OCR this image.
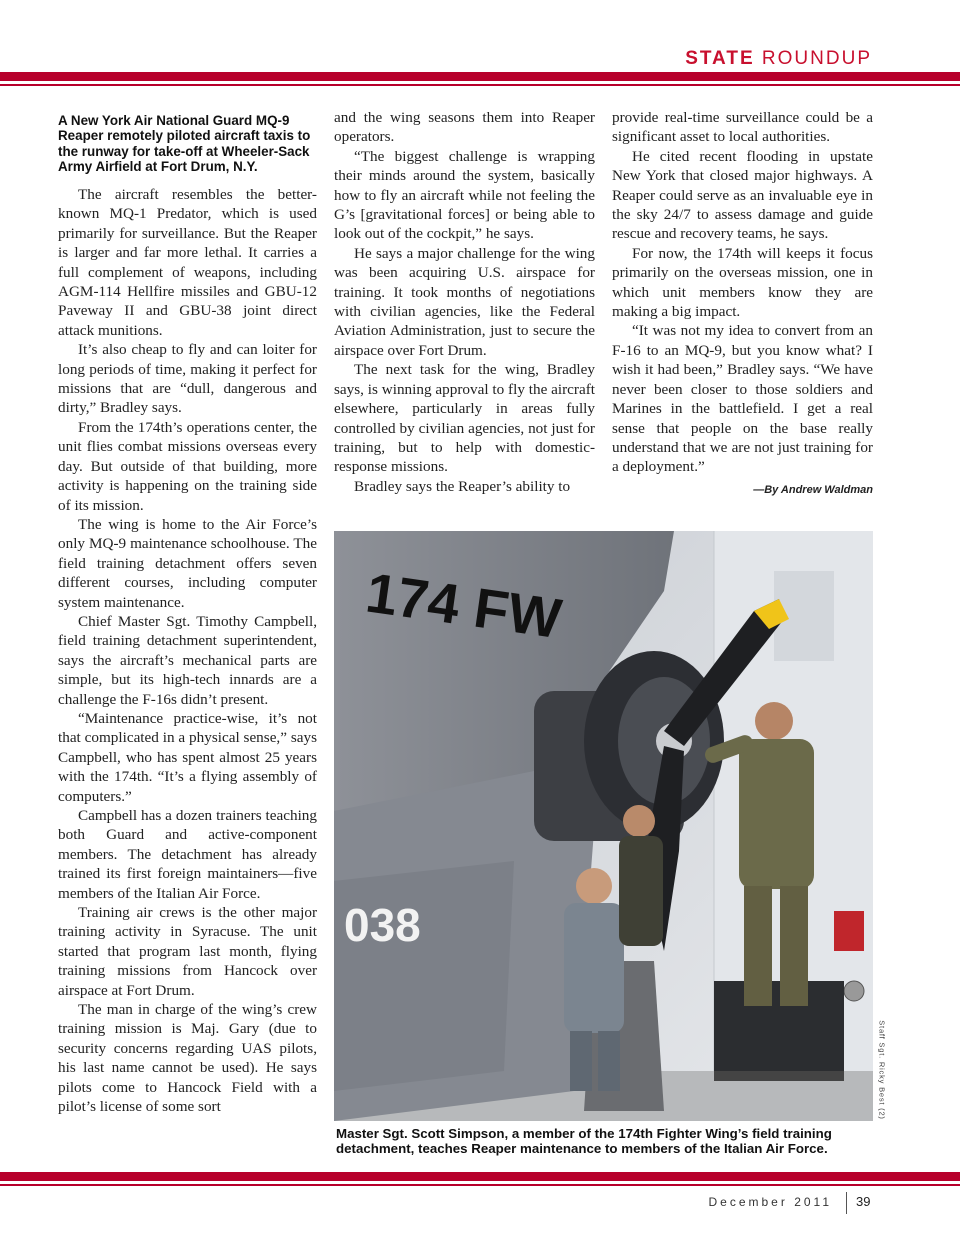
STATE ROUNDUP
A New York Air National Guard MQ-9 Reaper remotely piloted aircraft taxis to the runway for take-off at Wheeler-Sack Army Airfield at Fort Drum, N.Y.

The aircraft resembles the better-known MQ-1 Predator, which is used primarily for surveillance. But the Reaper is larger and far more lethal. It carries a full complement of weapons, including AGM-114 Hellfire missiles and GBU-12 Paveway II and GBU-38 joint direct attack munitions.

It’s also cheap to fly and can loiter for long periods of time, making it perfect for missions that are “dull, dangerous and dirty,” Bradley says.

From the 174th’s operations center, the unit flies combat missions overseas every day. But outside of that building, more activity is happening on the training side of its mission.

The wing is home to the Air Force’s only MQ-9 maintenance schoolhouse. The field training detachment offers seven different courses, including computer system maintenance.

Chief Master Sgt. Timothy Campbell, field training detachment superintendent, says the aircraft’s mechanical parts are simple, but its high-tech innards are a challenge the F-16s didn’t present.

“Maintenance practice-wise, it’s not that complicated in a physical sense,” says Campbell, who has spent almost 25 years with the 174th. “It’s a flying assembly of computers.”

Campbell has a dozen trainers teaching both Guard and active-component members. The detachment has already trained its first foreign maintainers—five members of the Italian Air Force.

Training air crews is the other major training activity in Syracuse. The unit started that program last month, flying training missions from Hancock over airspace at Fort Drum.

The man in charge of the wing’s crew training mission is Maj. Gary (due to security concerns regarding UAS pilots, his last name cannot be used). He says pilots come to Hancock Field with a pilot’s license of some sort

and the wing seasons them into Reaper operators.

“The biggest challenge is wrapping their minds around the system, basically how to fly an aircraft while not feeling the G’s [gravitational forces] or being able to look out of the cockpit,” he says.

He says a major challenge for the wing was been acquiring U.S. airspace for training. It took months of negotiations with civilian agencies, like the Federal Aviation Administration, just to secure the airspace over Fort Drum.

The next task for the wing, Bradley says, is winning approval to fly the aircraft elsewhere, particularly in areas fully controlled by civilian agencies, not just for training, but to help with domestic-response missions.

Bradley says the Reaper’s ability to

provide real-time surveillance could be a significant asset to local authorities.

He cited recent flooding in upstate New York that closed major highways. A Reaper could serve as an invaluable eye in the sky 24/7 to assess damage and guide rescue and recovery teams, he says.

For now, the 174th will keeps it focus primarily on the overseas mission, one in which unit members know they are making a big impact.

“It was not my idea to convert from an F-16 to an MQ-9, but you know what? I wish it had been,” Bradley says. “We have never been closer to those soldiers and Marines in the battlefield. I get a real sense that people on the base really understand that we are not just training for a deployment.”

—By Andrew Waldman
174 FW
038
Staff Sgt. Ricky Best (2)
Master Sgt. Scott Simpson, a member of the 174th Fighter Wing’s field training detachment, teaches Reaper maintenance to members of the Italian Air Force.
December 2011 39
